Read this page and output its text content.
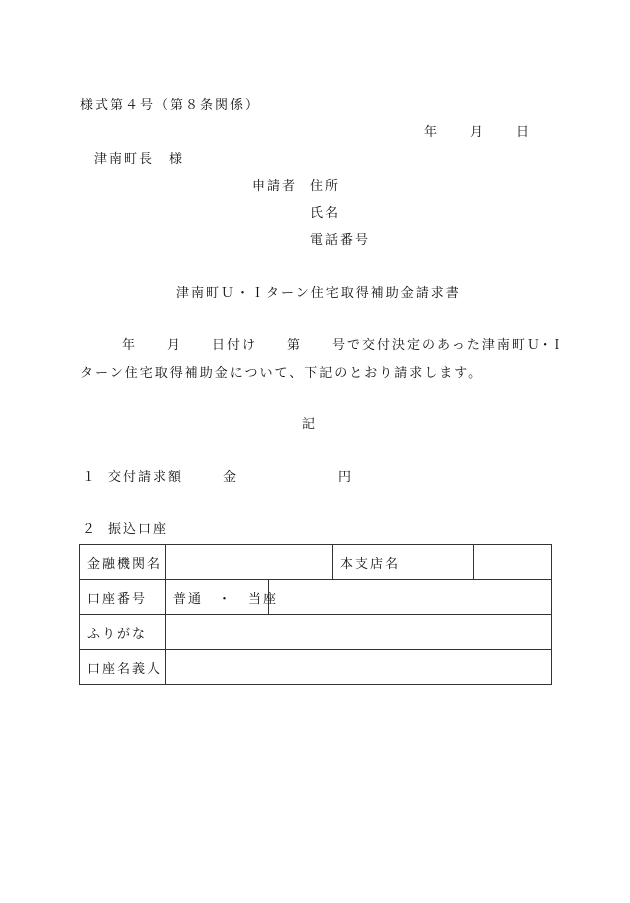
様式第４号（第８条関係）
年 月 日
津南町長　様
申請者 住所
氏名
電話番号
津南町Ｕ・Ｉターン住宅取得補助金請求書
年　　月　　日付け　　第　　号で交付決定のあった津南町Ｕ･Ｉ
ターン住宅取得補助金について、下記のとおり請求します。
記
１ 交付請求額	金	円
２ 振込口座
金融機関名			本支店名	
口座番号	普通　・　当座			
ふりがな				
口座名義人				
